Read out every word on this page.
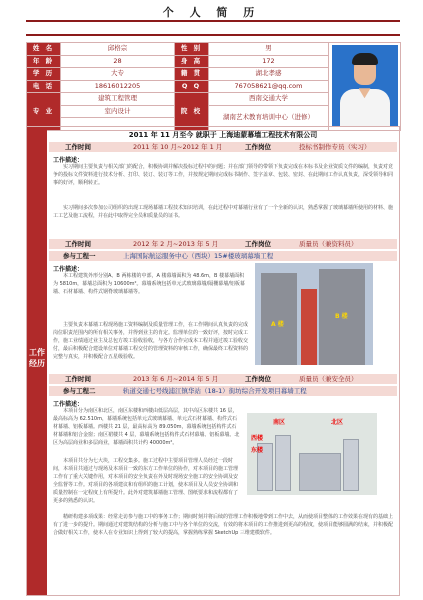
个 人 简 历
姓 名	邱格宗	性 别	男	

年 龄	28	身 高	172	
学 历	大专	籍 贯	湖北孝感	
电 话	18616012205	Q Q	767058621@qq.com	
专 业	建筑工程管理	院 校	西南交通大学	
	室内设计		湖南艺术教育培训中心（进修）	

工作经历
2011 年 11 月至今 就职于 上海迪蒙幕墙工程技术有限公司
工作时间	2011 年 10 月~2012 年 1 月	工作岗位	投标书制作专员（实习）
工作描述：
实习期间主要负责与相关部门的配合，积极协调并解决投标过程中的问题；并在部门领导的带领下负责完成在本标书及企业资质文件的编制，负责对竞争的投标文件资料进行技术分析、打印、装订、装订等工作，并按规定期间完成标书制作、签字盖章、包装、密封、在此期间工作认真负责，深受领导和同事的好评，顺利转正。
实习期间多次参加公司组织的出现工现场幕墙工程技术知识培训，在此过程中对幕墙行业有了一个全新的认识，熟悉掌握了玻璃幕墙所使用的材料、施工工艺及施工流程，并在此中取得完全员和质量员的证书。
工作时间	2012 年 2 月~2013 年 5 月	工作岗位	质量员（兼资料员）
参与工程一	上海国际航运服务中心（西块）15#楼玻璃幕墙工程
工作描述：
本工程建筑外形分别A、B 两栋楼的中部，A 楼幕墙面积为 48.6m，B 楼幕墙面积为 5810m，幕墙总面积为 10600m²。幕墙系统包括单元式玻璃幕墙/隔栅幕墙/铝板幕墙、石材幕墙、构件式钢脊玻璃幕墙等。
主要负责本幕墙工程现场施工资料编制及质量管理工作，在工作期间认真负责的完成岗位职责范围内的所有相关事务，并得到业主的肯定。监理单位的一致好评，按时完成工作，施工业绩通过业主及总包方竣工验收验收，与各方合作完成本工程并通过竣工验收交付，最后积极配合建设单位对幕墙工程交付的管理资料的审核工作，确保最终工程资料的完整与真实，并积极配合五星级验收。
工作时间	2013 年 6 月~2014 年 5 月	工作岗位	质量员（兼安全员）
参与工程二	轨道交通七号线浦江镇华站（18-1）街坊综合开发项目幕墙工程
工作描述：
本项目分为南区和北区，南区东楼和西楼由低层高层，其中高区东楼共 16 层，最高标高为 62.510m，幕墙系统包括单元式玻璃幕墙、单元式石材幕墙、构件式石材幕墙、铝板幕墙。西楼共 21 层，最高标高为 89.050m，幕墙系统包括构件式石材幕墙和铝合金窗；南区裙楼共 4 层，幕墙系统包括构件式石材幕墙、铝板幕墙。北区为高层商业和多层商业，幕墙面积共计约 40000m²。
本项目共分为七大块，工程交集多。施工过程中主要项目管理人员经过一段时间，本项目共通过与现场及本项目一致的东方工作单位的协作，对本项目的施工管理工作有了重大关键作用，对本项目的安全负责在外及时现场安全施工的安全协调及安全监督等工作。对项目的各项建议和有组织的施工计划，使本项目及人员安全协调和质量控制在一定程度上有所提升。此外对建筑幕墙施工管理、图纸要求和流程都有了更多的熟悉的认识。
精研构建多项成果：经常走访参与施工中的事务工作；期间时刻并将后续的管理工作积极地带到工作中去，从而使项目整体的工作效果在现有的基础上有了进一步的提升。期间通过对建筑结构的分析与施工中与各个单位的交流，有效的将本项目的工作推进到更高的程度，使项目能够圆满的结束，并积极配合做好相关工作，使本人在专业知识上得到了较大的提高，掌握熟练掌握 SketchUp 三维建模软件。
A 楼
B 楼
南区	北区
西楼
东楼
